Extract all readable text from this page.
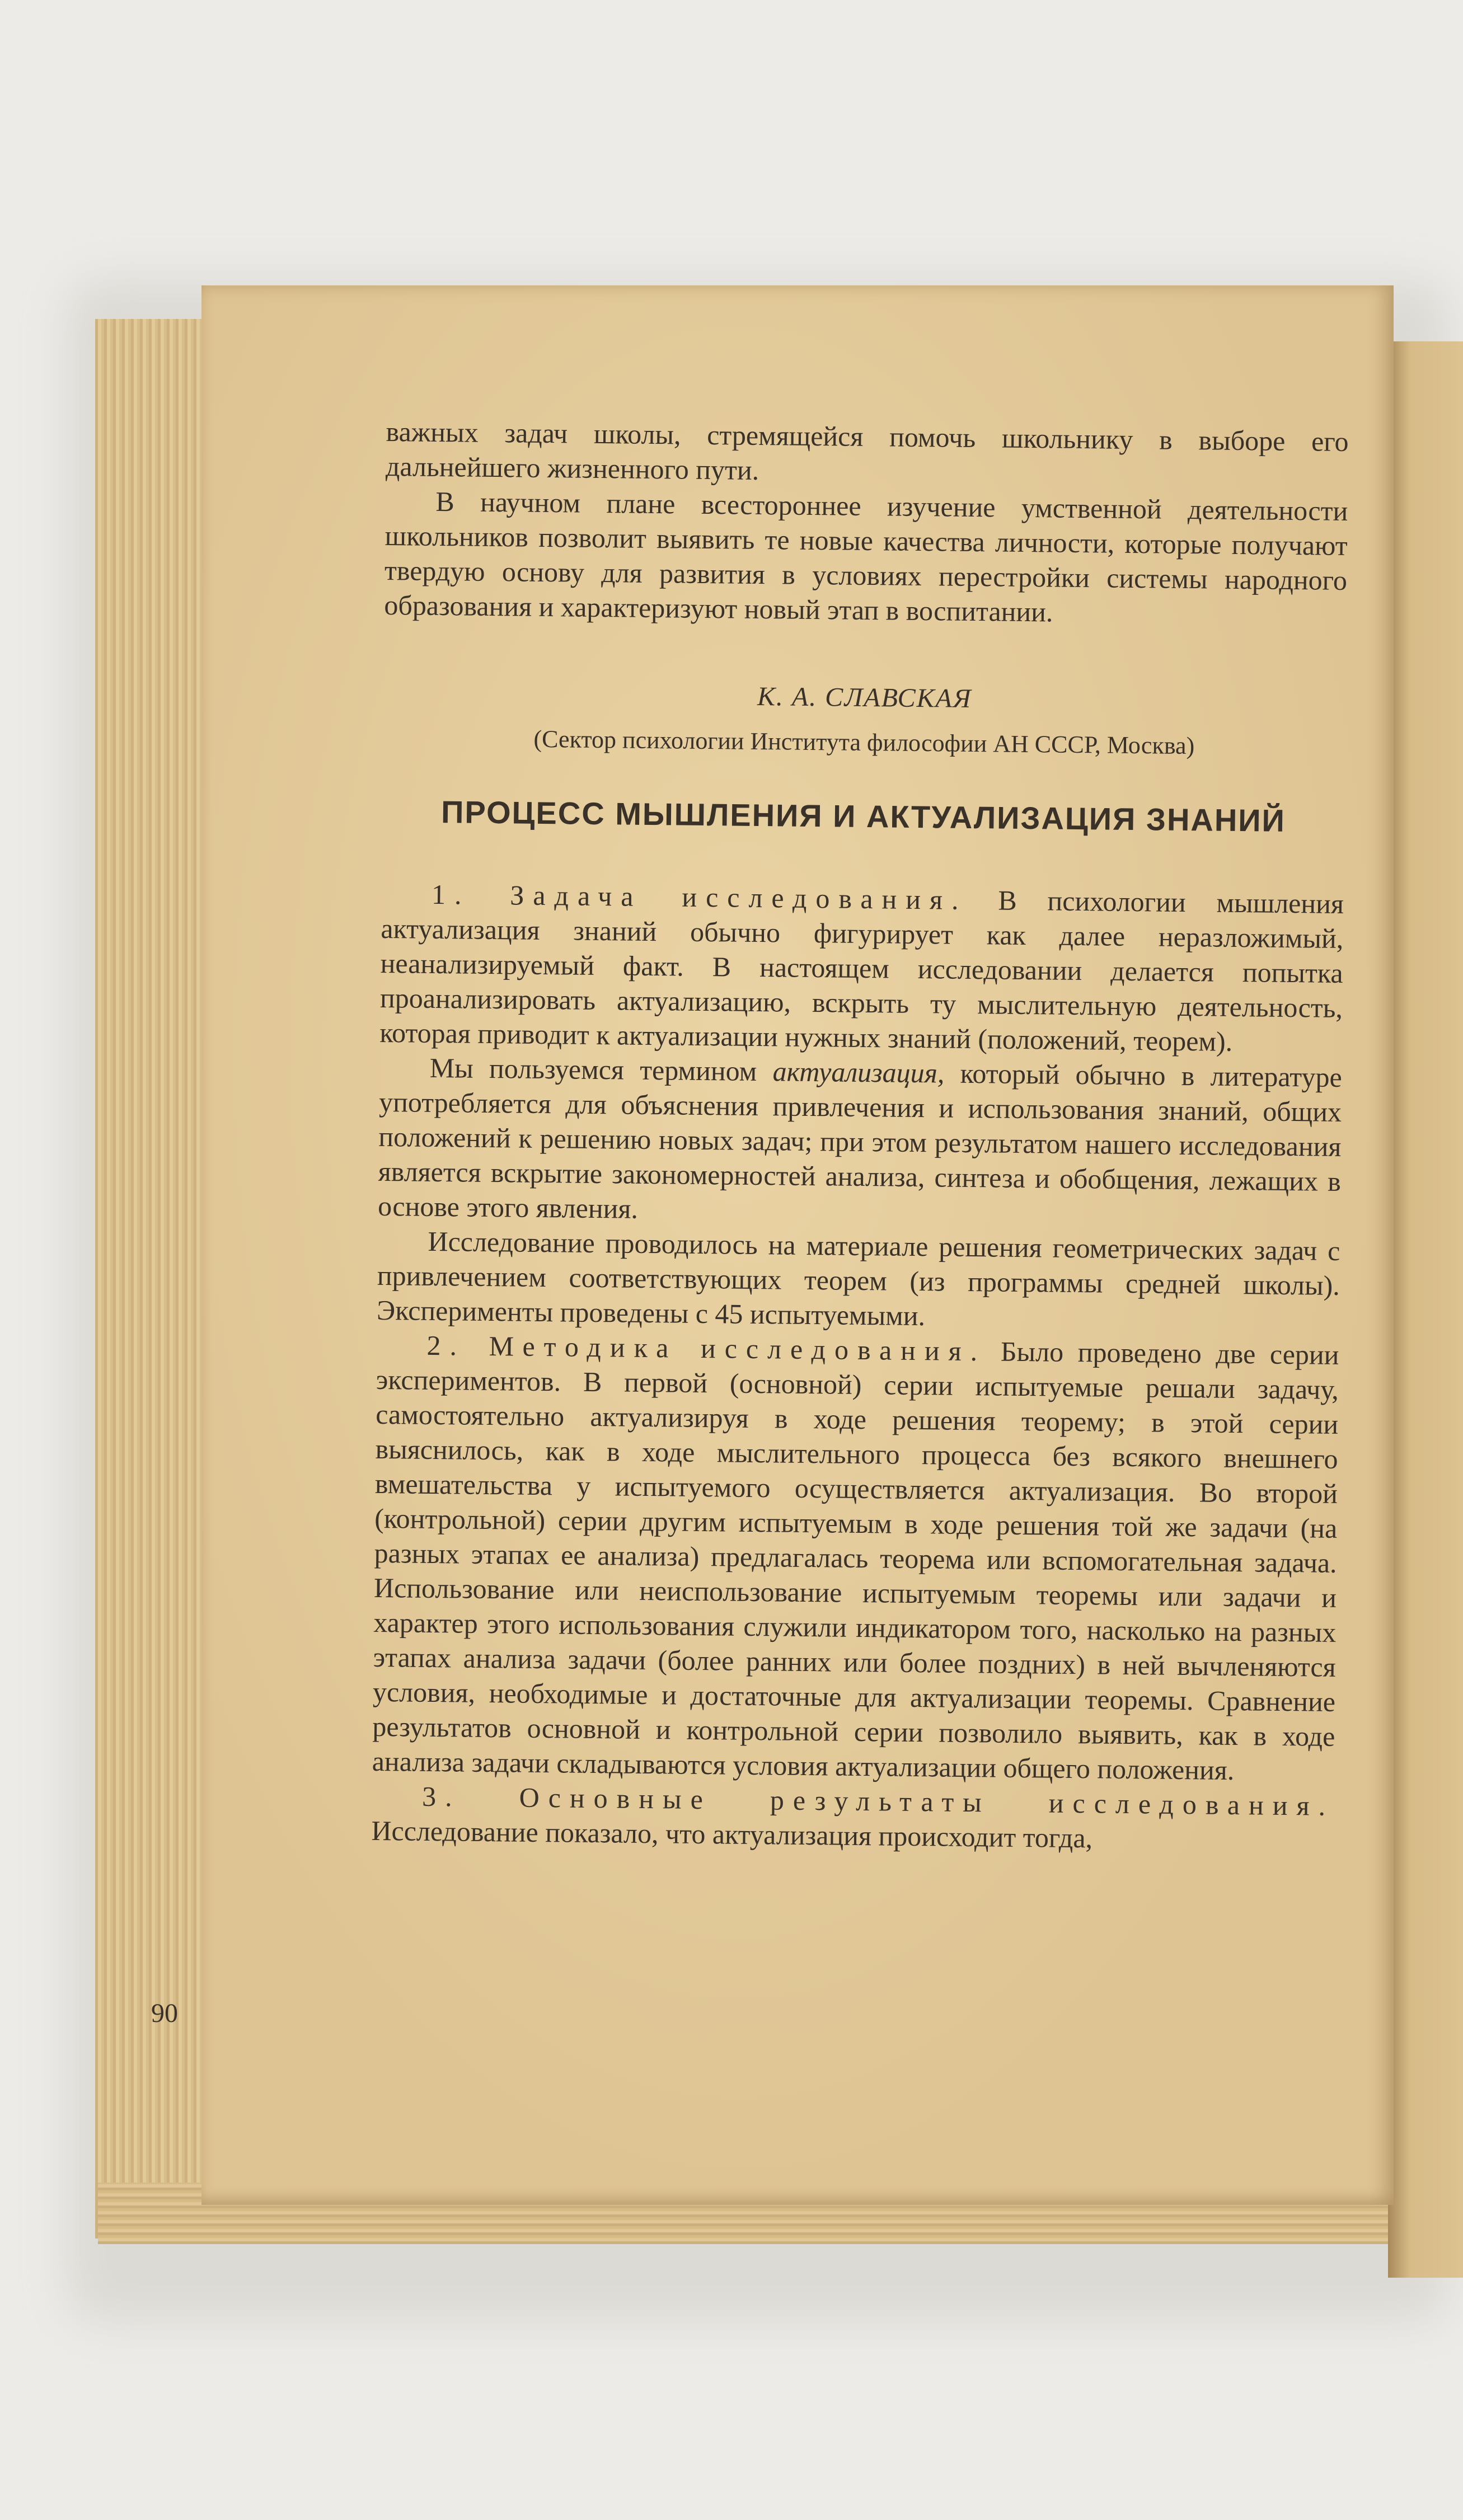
важных задач школы, стремящейся помочь школьнику в выборе его дальнейшего жизненного пути.

В научном плане всестороннее изучение умственной деятельности школьников позволит выявить те новые качества личности, которые получают твердую основу для развития в условиях перестройки системы народного образования и характеризуют новый этап в воспитании.

К. А. СЛАВСКАЯ
(Сектор психологии Института философии АН СССР, Москва)
ПРОЦЕСС МЫШЛЕНИЯ И АКТУАЛИЗАЦИЯ ЗНАНИЙ

1. Задача исследования. В психологии мышления актуализация знаний обычно фигурирует как далее неразложимый, неанализируемый факт. В настоящем исследовании делается попытка проанализировать актуализацию, вскрыть ту мыслительную деятельность, которая приводит к актуализации нужных знаний (положений, теорем).

Мы пользуемся термином актуализация, который обычно в литературе употребляется для объяснения привлечения и использования знаний, общих положений к решению новых задач; при этом результатом нашего исследования является вскрытие закономерностей анализа, синтеза и обобщения, лежащих в основе этого явления.

Исследование проводилось на материале решения геометрических задач с привлечением соответствующих теорем (из программы средней школы). Эксперименты проведены с 45 испытуемыми.

2. Методика исследования. Было проведено две серии экспериментов. В первой (основной) серии испытуемые решали задачу, самостоятельно актуализируя в ходе решения теорему; в этой серии выяснилось, как в ходе мыслительного процесса без всякого внешнего вмешательства у испытуемого осуществляется актуализация. Во второй (контрольной) серии другим испытуемым в ходе решения той же задачи (на разных этапах ее анализа) предлагалась теорема или вспомогательная задача. Использование или неиспользование испытуемым теоремы или задачи и характер этого использования служили индикатором того, насколько на разных этапах анализа задачи (более ранних или более поздних) в ней вычленяются условия, необходимые и достаточные для актуализации теоремы. Сравнение результатов основной и контрольной серии позволило выявить, как в ходе анализа задачи складываются условия актуализации общего положения.

3. Основные результаты исследования. Исследование показало, что актуализация происходит тогда,

90
